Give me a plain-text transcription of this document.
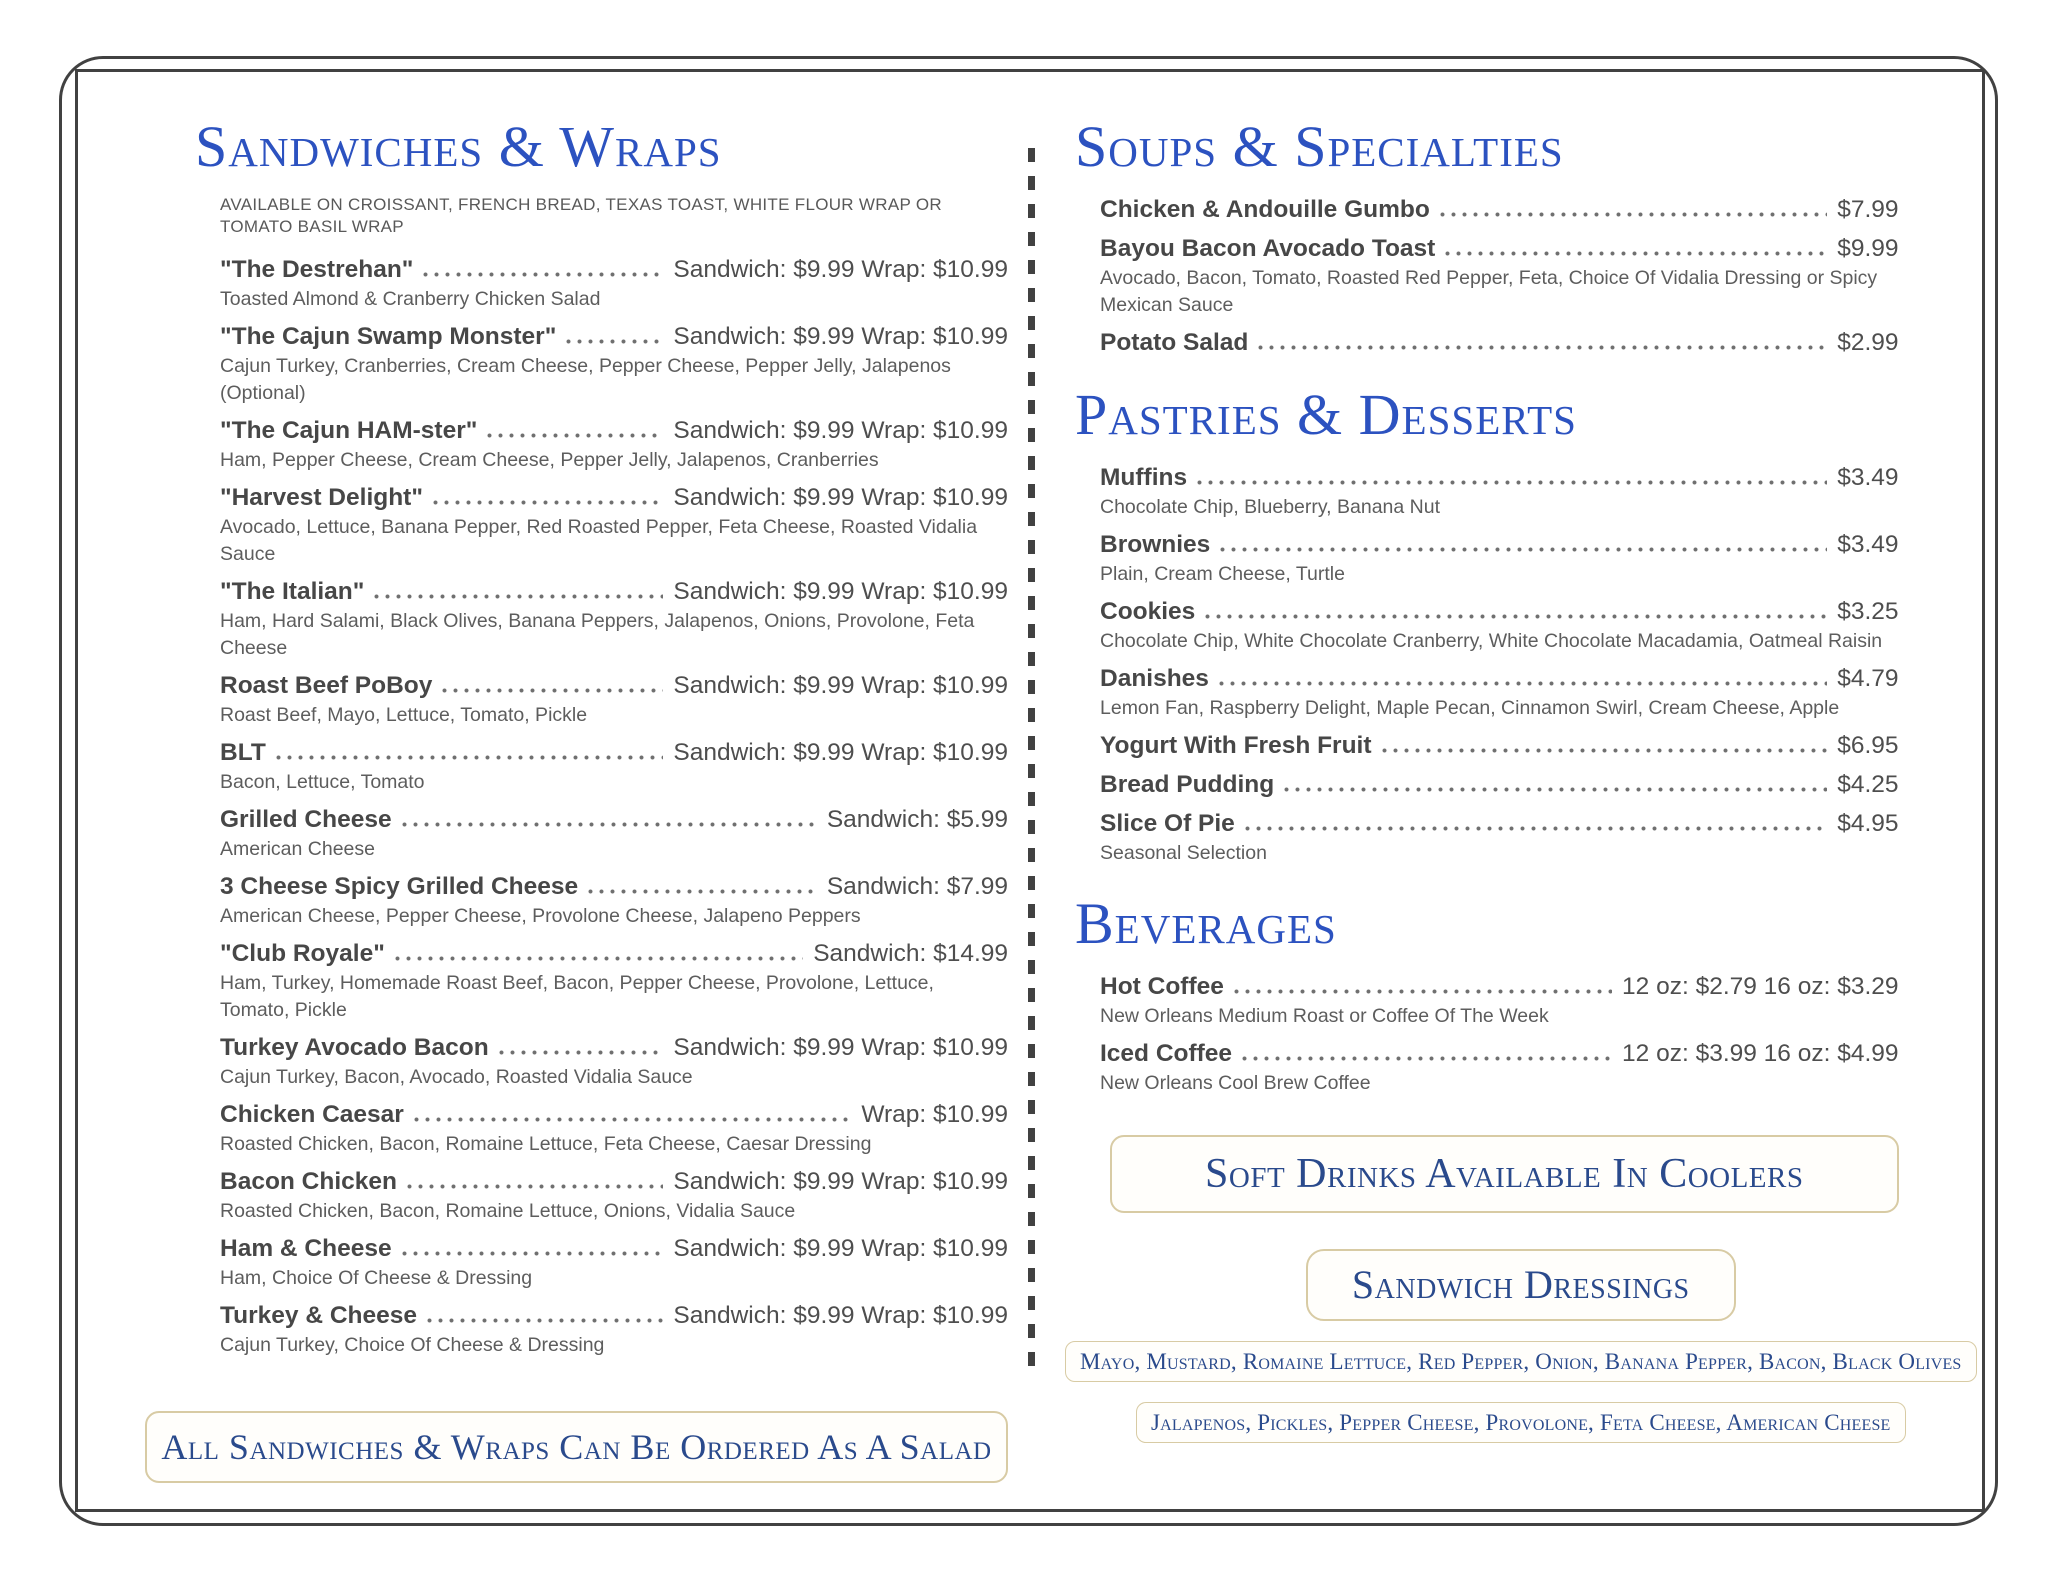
Sandwiches & Wraps
AVAILABLE ON CROISSANT, FRENCH BREAD, TEXAS TOAST, WHITE FLOUR WRAP OR TOMATO BASIL WRAP
"The Destrehan"	Sandwich: $9.99 Wrap: $10.99
Toasted Almond & Cranberry Chicken Salad
"The Cajun Swamp Monster"	Sandwich: $9.99 Wrap: $10.99
Cajun Turkey, Cranberries, Cream Cheese, Pepper Cheese, Pepper Jelly, Jalapenos (Optional)
"The Cajun HAM-ster"	Sandwich: $9.99 Wrap: $10.99
Ham, Pepper Cheese, Cream Cheese, Pepper Jelly, Jalapenos, Cranberries
"Harvest Delight"	Sandwich: $9.99 Wrap: $10.99
Avocado, Lettuce, Banana Pepper, Red Roasted Pepper, Feta Cheese, Roasted Vidalia Sauce
"The Italian"	Sandwich: $9.99 Wrap: $10.99
Ham, Hard Salami, Black Olives, Banana Peppers, Jalapenos, Onions, Provolone, Feta Cheese
Roast Beef PoBoy	Sandwich: $9.99 Wrap: $10.99
Roast Beef, Mayo, Lettuce, Tomato, Pickle
BLT	Sandwich: $9.99 Wrap: $10.99
Bacon, Lettuce, Tomato
Grilled Cheese	Sandwich: $5.99
American Cheese
3 Cheese Spicy Grilled Cheese	Sandwich: $7.99
American Cheese, Pepper Cheese, Provolone Cheese, Jalapeno Peppers
"Club Royale"	Sandwich: $14.99
Ham, Turkey, Homemade Roast Beef, Bacon, Pepper Cheese, Provolone, Lettuce, Tomato, Pickle
Turkey Avocado Bacon	Sandwich: $9.99 Wrap: $10.99
Cajun Turkey, Bacon, Avocado, Roasted Vidalia Sauce
Chicken Caesar	Wrap: $10.99
Roasted Chicken, Bacon, Romaine Lettuce, Feta Cheese, Caesar Dressing
Bacon Chicken	Sandwich: $9.99 Wrap: $10.99
Roasted Chicken, Bacon, Romaine Lettuce, Onions, Vidalia Sauce
Ham & Cheese	Sandwich: $9.99 Wrap: $10.99
Ham, Choice Of Cheese & Dressing
Turkey & Cheese	Sandwich: $9.99 Wrap: $10.99
Cajun Turkey, Choice Of Cheese & Dressing
All Sandwiches & Wraps Can Be Ordered As A Salad
Soups & Specialties
Chicken & Andouille Gumbo	$7.99
Bayou Bacon Avocado Toast	$9.99
Avocado, Bacon, Tomato, Roasted Red Pepper, Feta, Choice Of Vidalia Dressing or Spicy Mexican Sauce
Potato Salad	$2.99
Pastries & Desserts
Muffins	$3.49
Chocolate Chip, Blueberry, Banana Nut
Brownies	$3.49
Plain, Cream Cheese, Turtle
Cookies	$3.25
Chocolate Chip, White Chocolate Cranberry, White Chocolate Macadamia, Oatmeal Raisin
Danishes	$4.79
Lemon Fan, Raspberry Delight, Maple Pecan, Cinnamon Swirl, Cream Cheese, Apple
Yogurt With Fresh Fruit	$6.95
Bread Pudding	$4.25
Slice Of Pie	$4.95
Seasonal Selection
Beverages
Hot Coffee	12 oz: $2.79 16 oz: $3.29
New Orleans Medium Roast or Coffee Of The Week
Iced Coffee	12 oz: $3.99 16 oz: $4.99
New Orleans Cool Brew Coffee
Soft Drinks Available In Coolers
Sandwich Dressings
Mayo, Mustard, Romaine Lettuce, Red Pepper, Onion, Banana Pepper, Bacon, Black Olives
Jalapenos, Pickles, Pepper Cheese, Provolone, Feta Cheese, American Cheese
